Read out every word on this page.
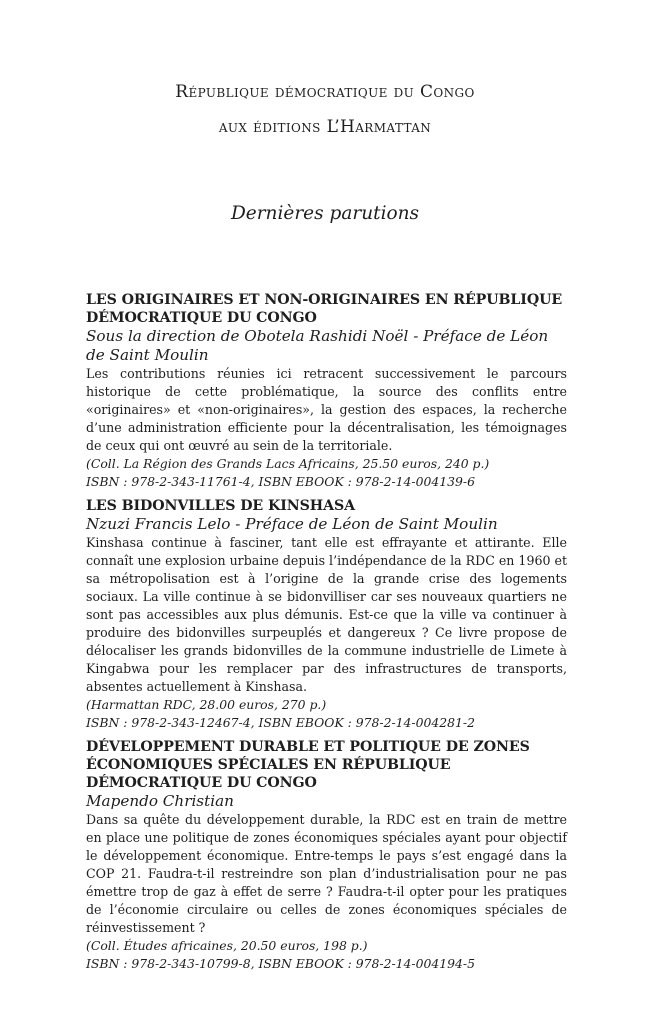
République démocratique du Congo
aux éditions L’Harmattan
Dernières parutions
LES ORIGINAIRES ET NON-ORIGINAIRES EN RÉPUBLIQUE DÉMOCRATIQUE DU CONGO
Sous la direction de Obotela Rashidi Noël - Préface de Léon de Saint Moulin

Les contributions réunies ici retracent successivement le parcours historique de cette problématique, la source des conflits entre «originaires» et «non-originaires», la gestion des espaces, la recherche d’une administration efficiente pour la décentralisation, les témoignages de ceux qui ont œuvré au sein de la territoriale.

(Coll. La Région des Grands Lacs Africains, 25.50 euros, 240 p.)
ISBN : 978-2-343-11761-4, ISBN EBOOK : 978-2-14-004139-6
LES BIDONVILLES DE KINSHASA
Nzuzi Francis Lelo - Préface de Léon de Saint Moulin

Kinshasa continue à fasciner, tant elle est effrayante et attirante. Elle connaît une explosion urbaine depuis l’indépendance de la RDC en 1960 et sa métropolisation est à l’origine de la grande crise des logements sociaux. La ville continue à se bidonvilliser car ses nouveaux quartiers ne sont pas accessibles aux plus démunis. Est-ce que la ville va continuer à produire des bidonvilles surpeuplés et dangereux ? Ce livre propose de délocaliser les grands bidonvilles de la commune industrielle de Limete à Kingabwa pour les remplacer par des infrastructures de transports, absentes actuellement à Kinshasa.

(Harmattan RDC, 28.00 euros, 270 p.)
ISBN : 978-2-343-12467-4, ISBN EBOOK : 978-2-14-004281-2
DÉVELOPPEMENT DURABLE ET POLITIQUE DE ZONES ÉCONOMIQUES SPÉCIALES EN RÉPUBLIQUE DÉMOCRATIQUE DU CONGO
Mapendo Christian

Dans sa quête du développement durable, la RDC est en train de mettre en place une politique de zones économiques spéciales ayant pour objectif le développement économique. Entre-temps le pays s’est engagé dans la COP 21. Faudra-t-il restreindre son plan d’industrialisation pour ne pas émettre trop de gaz à effet de serre ? Faudra-t-il opter pour les pratiques de l’économie circulaire ou celles de zones économiques spéciales de réinvestissement ?

(Coll. Études africaines, 20.50 euros, 198 p.)
ISBN : 978-2-343-10799-8, ISBN EBOOK : 978-2-14-004194-5
